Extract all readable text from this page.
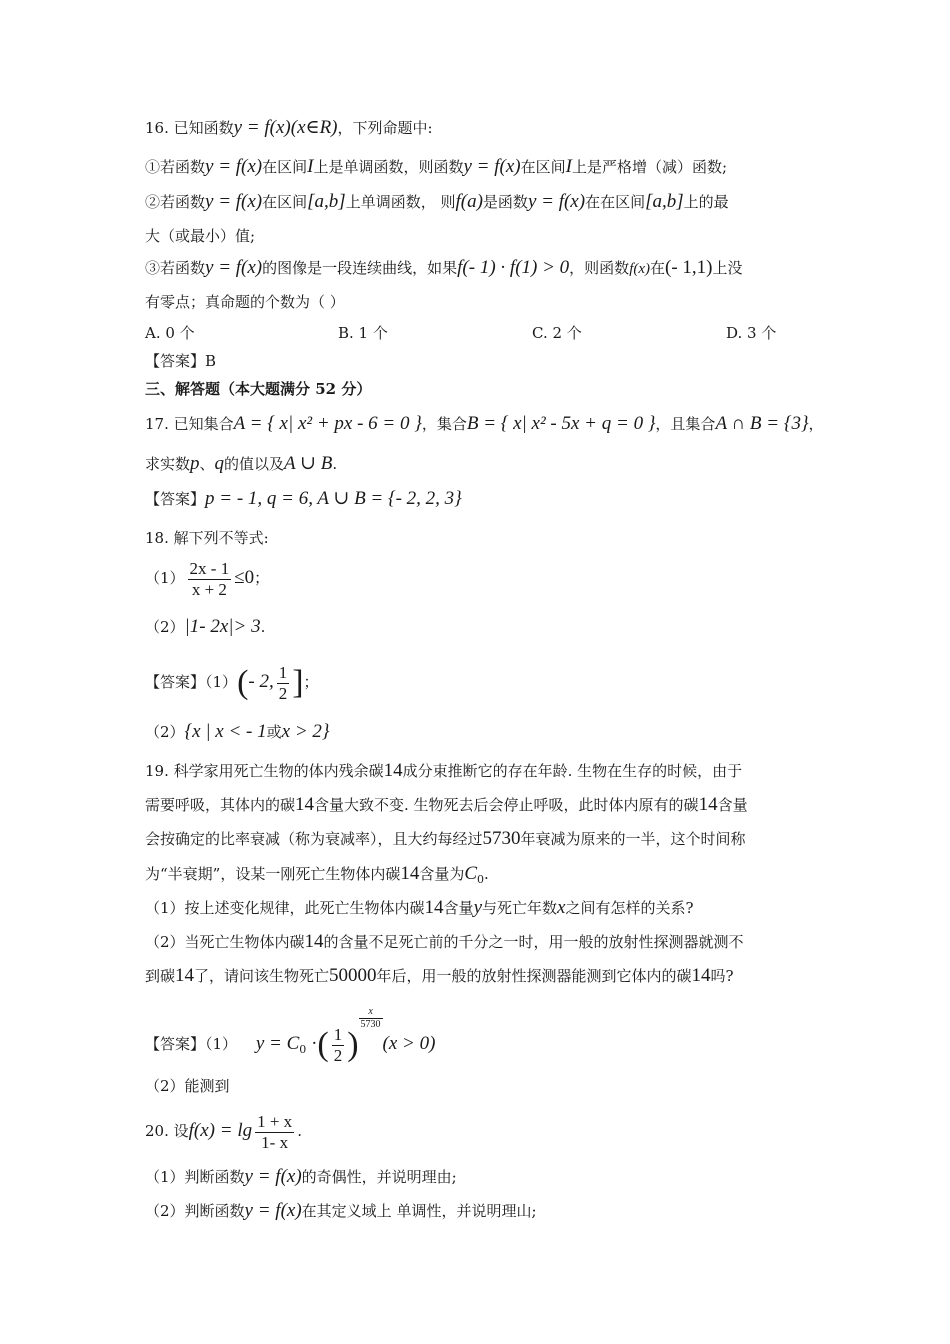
16. 已知函数y = f(x)(x∈R)，下列命题中:
①若函数y = f(x)在区间I上是单调函数，则函数y = f(x)在区间I上是严格增（减）函数;
②若函数y = f(x)在区间[a,b]上单调函数， 则f(a)是函数y = f(x)在在区间[a,b]上的最
大（或最小）值;
③若函数y = f(x)的图像是一段连续曲线，如果f(- 1) · f(1) > 0，则函数f(x)在(- 1,1)上没
有零点；真命题的个数为（ ）
A. 0 个	B. 1 个	C. 2 个	D. 3 个
【答案】B
三、解答题（本大题满分 52 分）
17. 已知集合A = { x| x² + px - 6 = 0 }，集合B = { x| x² - 5x + q = 0 }，且集合A ∩ B = {3}，
求实数p、q的值以及A ∪ B.
【答案】p = - 1, q = 6, A ∪ B = {- 2, 2, 3}
18. 解下列不等式:
$(1) \frac{2x - 1}{x + 2} \le 0$；
（2）|1- 2x|> 3.
【答案】（1）(- 2, $\frac{1}{2}$ ]；
（2）{x | x < - 1或x > 2}
19. 科学家用死亡生物的体内残余碳14成分束推断它的存在年龄. 生物在生存的时候，由于
需要呼吸，其体内的碳14含量大致不变. 生物死去后会停止呼吸，此时体内原有的碳14含量
会按确定的比率衰减（称为衰减率），且大约每经过5730年衰减为原来的一半，这个时间称
为“半衰期”，设某一刚死亡生物体内碳14含量为$C_0$.
（1）按上述变化规律，此死亡生物体内碳14含量y与死亡年数x之间有怎样的关系?
（2）当死亡生物体内碳14的含量不足死亡前的千分之一时，用一般的放射性探测器就测不
到碳14了，请问该生物死亡50000年后，用一般的放射性探测器能测到它体内的碳14吗?
【答案】（1） $y = C_0$ ·( $\frac{1}{2}$ )
$\frac{x}{5730}$
(x > 0)
（2）能测到
20. 设$f(x) = \lg \frac{1 + x}{1- x}$ .
（1）判断函数y = f(x)的奇偶性，并说明理由;
（2）判断函数y = f(x)在其定义域上 单调性，并说明理山;
